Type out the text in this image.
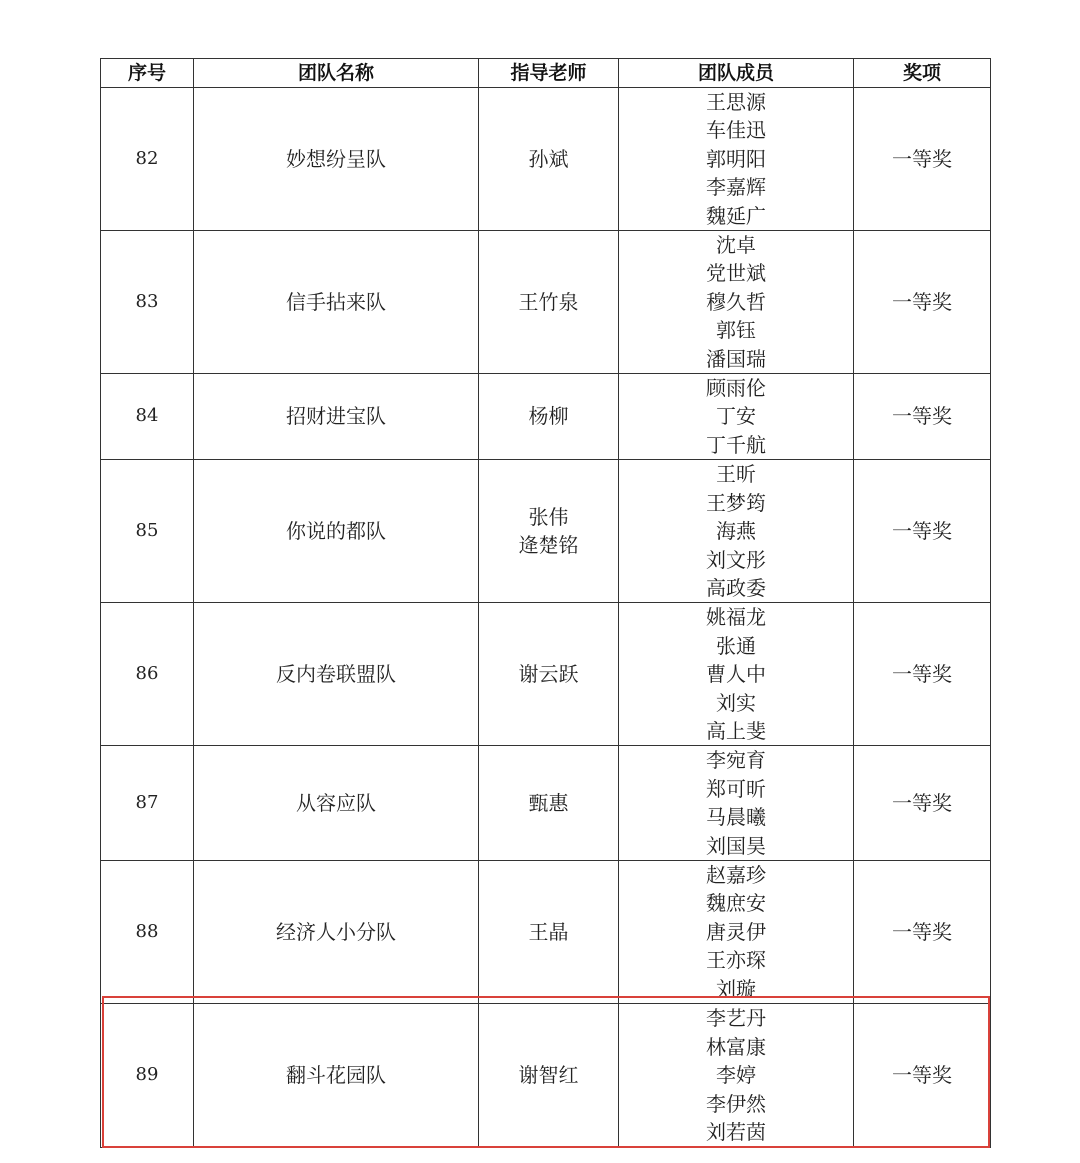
序号	团队名称	指导老师	团队成员	奖项
82	妙想纷呈队	孙斌	王思源
车佳迅
郭明阳
李嘉辉
魏延广	一等奖
83	信手拈来队	王竹泉	沈卓
党世斌
穆久哲
郭钰
潘国瑞	一等奖
84	招财进宝队	杨柳	顾雨伦
丁安
丁千航	一等奖
85	你说的都队	张伟
逄楚铭	王昕
王梦筠
海燕
刘文彤
高政委	一等奖
86	反内卷联盟队	谢云跃	姚福龙
张通
曹人中
刘实
高上斐	一等奖
87	从容应队	甄惠	李宛育
郑可昕
马晨曦
刘国昊	一等奖
88	经济人小分队	王晶	赵嘉珍
魏庶安
唐灵伊
王亦琛
刘璇	一等奖
89	翻斗花园队	谢智红	李艺丹
林富康
李婷
李伊然
刘若茵	一等奖
